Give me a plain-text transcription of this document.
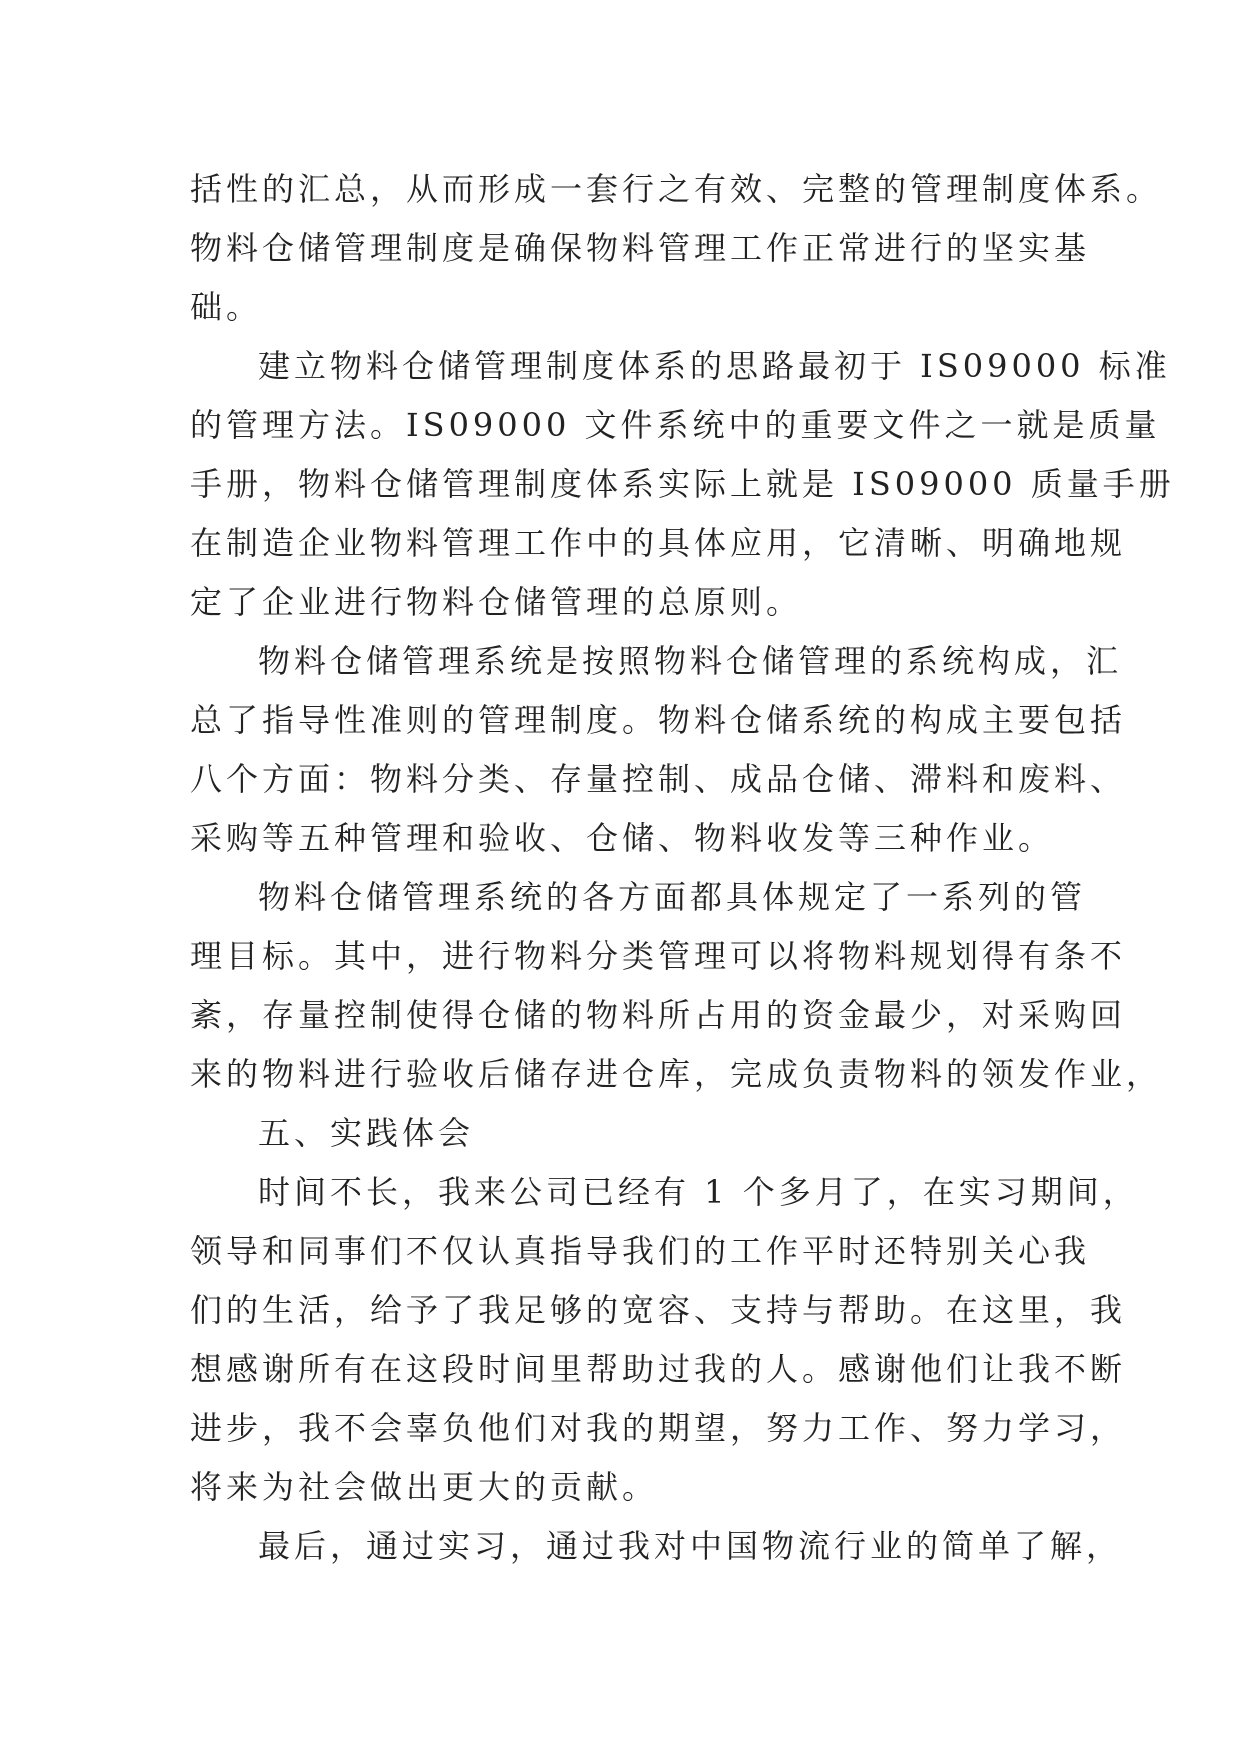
括性的汇总，从而形成一套行之有效、完整的管理制度体系。
物料仓储管理制度是确保物料管理工作正常进行的坚实基
础。
建立物料仓储管理制度体系的思路最初于 IS09000 标准
的管理方法。IS09000 文件系统中的重要文件之一就是质量
手册，物料仓储管理制度体系实际上就是 IS09000 质量手册
在制造企业物料管理工作中的具体应用，它清晰、明确地规
定了企业进行物料仓储管理的总原则。
物料仓储管理系统是按照物料仓储管理的系统构成，汇
总了指导性准则的管理制度。物料仓储系统的构成主要包括
八个方面：物料分类、存量控制、成品仓储、滞料和废料、
采购等五种管理和验收、仓储、物料收发等三种作业。
物料仓储管理系统的各方面都具体规定了一系列的管
理目标。其中，进行物料分类管理可以将物料规划得有条不
紊，存量控制使得仓储的物料所占用的资金最少，对采购回
来的物料进行验收后储存进仓库，完成负责物料的领发作业，
五、实践体会
时间不长，我来公司已经有 1 个多月了，在实习期间，
领导和同事们不仅认真指导我们的工作平时还特别关心我
们的生活，给予了我足够的宽容、支持与帮助。在这里，我
想感谢所有在这段时间里帮助过我的人。感谢他们让我不断
进步，我不会辜负他们对我的期望，努力工作、努力学习，
将来为社会做出更大的贡献。
最后，通过实习，通过我对中国物流行业的简单了解，
